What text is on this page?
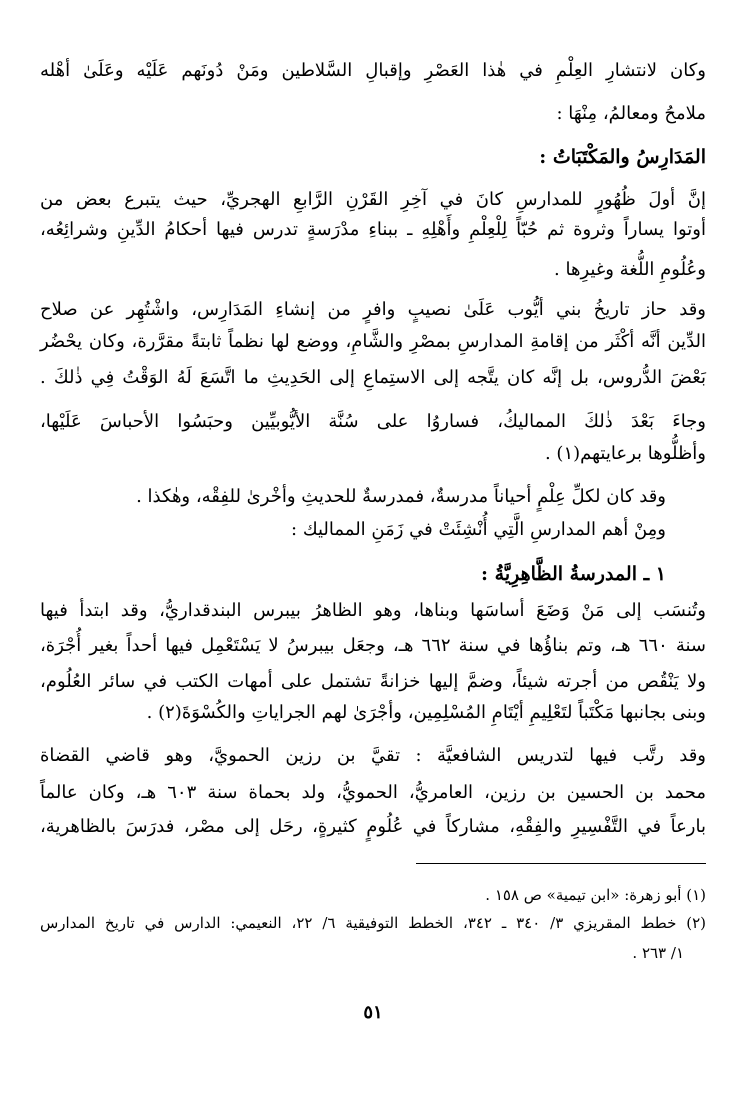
وكان لانتشارِ العِلْمِ في هٰذا العَصْرِ وإقبالِ السَّلاطين ومَنْ دُونَهم عَلَيْه وعَلَىٰ أهْله
ملامحُ ومعالمُ، مِنْهَا :
المَدَارِسُ والمَكْتَبَاتُ :
إنَّ أولَ ظُهُورٍ للمدارسِ كانَ في آخِرِ القَرْنِ الرَّابعِ الهجريِّ، حيث يتبرع بعض من
أوتوا يساراً وثروة ثم حُبّاً لِلْعِلْمِ وأَهْلِهِ ـ ببناءِ مدْرَسةٍ تدرس فيها أحكامُ الدِّينِ وشرائِعُه،
وعُلُومِ اللُّغة وغيرِها .
وقد حاز تاريخُ بني أيُّوب عَلَىٰ نصيبٍ وافرٍ من إنشاءِ المَدَارِس، واشْتُهِر عن صلاح
الدِّين أنَّه أكْثَر من إقامةِ المدارسِ بمصْرِ والشَّامِ، ووضع لها نظماً ثابتةً مقرَّرة، وكان يحْضُر
بَعْضَ الدُّروس، بل إنَّه كان يتَّجه إلى الاستِماعِ إلى الحَدِيثِ ما اتَّسَعَ لَهُ الوَقْتُ فِي ذٰلكَ .
وجاءَ بَعْدَ ذٰلكَ المماليكُ، فساروُا على سُنَّة الأيُّوبيِّين وحبَسُوا الأحباسَ عَلَيْها،
وأظلُّوها برعايتهم(١) .
وقد كان لكلِّ عِلْمٍ أحياناً مدرسةٌ، فمدرسةٌ للحديثِ وأخْرىٰ للفِقْه، وهٰكذا .
ومِنْ أهم المدارسِ الَّتِي أُنْشِئَتْ في زَمَنِ المماليك :
١ ـ المدرسةُ الظَّاهِرِيَّةُ :
وتُنسَب إلى مَنْ وَضَعَ أساسَها وبناها، وهو الظاهرُ بيبرس البندقداريُّ، وقد ابتدأ فيها
سنة ٦٦٠ هـ، وتم بناؤُها في سنة ٦٦٢ هـ، وجعَل بيبرسُ لا يَسْتَعْمِل فيها أحداً بغير أُجْرَة،
ولا يَنْقُص من أجرته شيئاً، وضمَّ إليها خزانةً تشتمل على أمهات الكتب في سائر العُلُوم،
وبنى بجانبها مَكْتَباً لتَعْلِيمِ أيْتَامِ المُسْلِمِين، وأجْرَىٰ لهم الجراياتِ والكُسْوَةَ(٢) .
وقد رتَّب فيها لتدريس الشافعيَّة : تقيَّ بن رزين الحمويَّ، وهو قاضي القضاة
محمد بن الحسين بن رزين، العامريُّ، الحمويُّ، ولد بحماة سنة ٦٠٣ هـ، وكان عالماً
بارعاً في التَّفْسِيرِ والفِقْهِ، مشاركاً في عُلُومٍ كثيرةٍ، رحَل إلى مصْر، فدرَسَ بالظاهرية،
(١) أبو زهرة: «ابن تيمية» ص ١٥٨ .
(٢) خطط المقريزي ٣/ ٣٤٠ ـ ٣٤٢، الخطط التوفيقية ٦/ ٢٢، النعيمي: الدارس في تاريخ المدارس
١/ ٢٦٣ .
٥١
